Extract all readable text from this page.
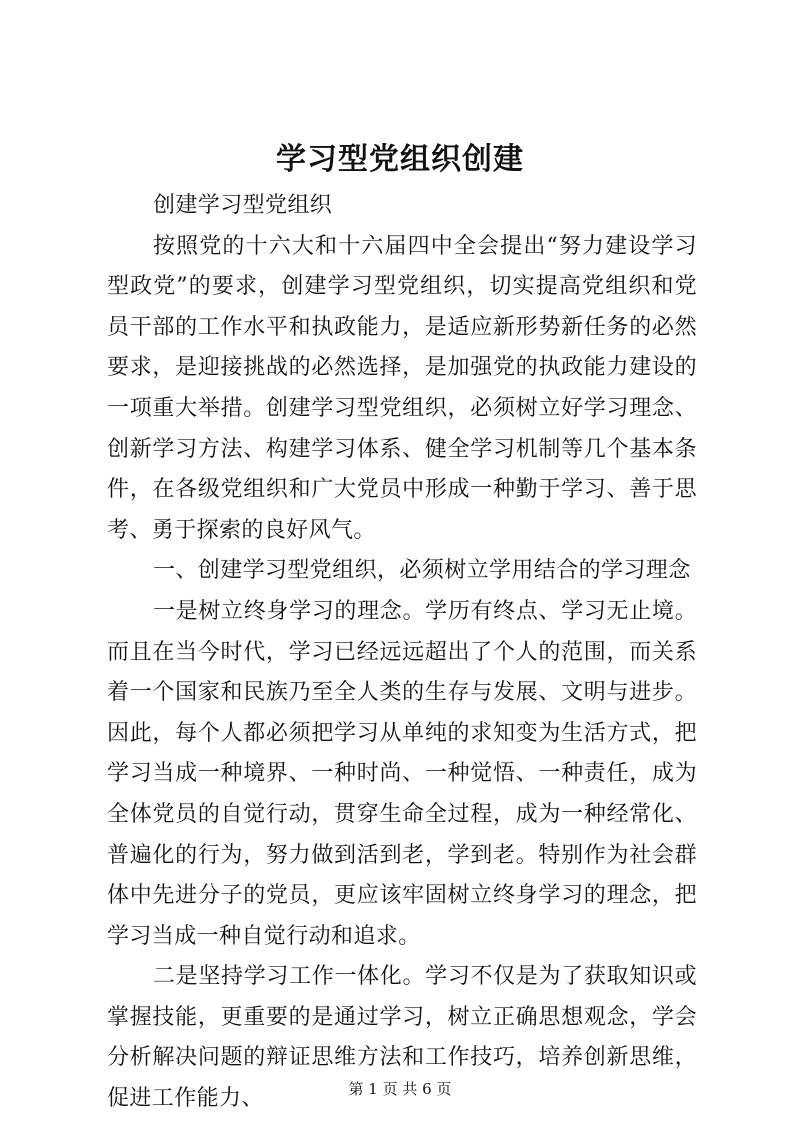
学习型党组织创建

创建学习型党组织

按照党的十六大和十六届四中全会提出“努力建设学习型政党”的要求，创建学习型党组织，切实提高党组织和党员干部的工作水平和执政能力，是适应新形势新任务的必然要求，是迎接挑战的必然选择，是加强党的执政能力建设的一项重大举措。创建学习型党组织，必须树立好学习理念、创新学习方法、构建学习体系、健全学习机制等几个基本条件，在各级党组织和广大党员中形成一种勤于学习、善于思考、勇于探索的良好风气。

一、创建学习型党组织，必须树立学用结合的学习理念

一是树立终身学习的理念。学历有终点、学习无止境。而且在当今时代，学习已经远远超出了个人的范围，而关系着一个国家和民族乃至全人类的生存与发展、文明与进步。因此，每个人都必须把学习从单纯的求知变为生活方式，把学习当成一种境界、一种时尚、一种觉悟、一种责任，成为全体党员的自觉行动，贯穿生命全过程，成为一种经常化、普遍化的行为，努力做到活到老，学到老。特别作为社会群体中先进分子的党员，更应该牢固树立终身学习的理念，把学习当成一种自觉行动和追求。

二是坚持学习工作一体化。学习不仅是为了获取知识或掌握技能，更重要的是通过学习，树立正确思想观念，学会分析解决问题的辩证思维方法和工作技巧，培养创新思维，促进工作能力、	第 1 页 共 6 页
